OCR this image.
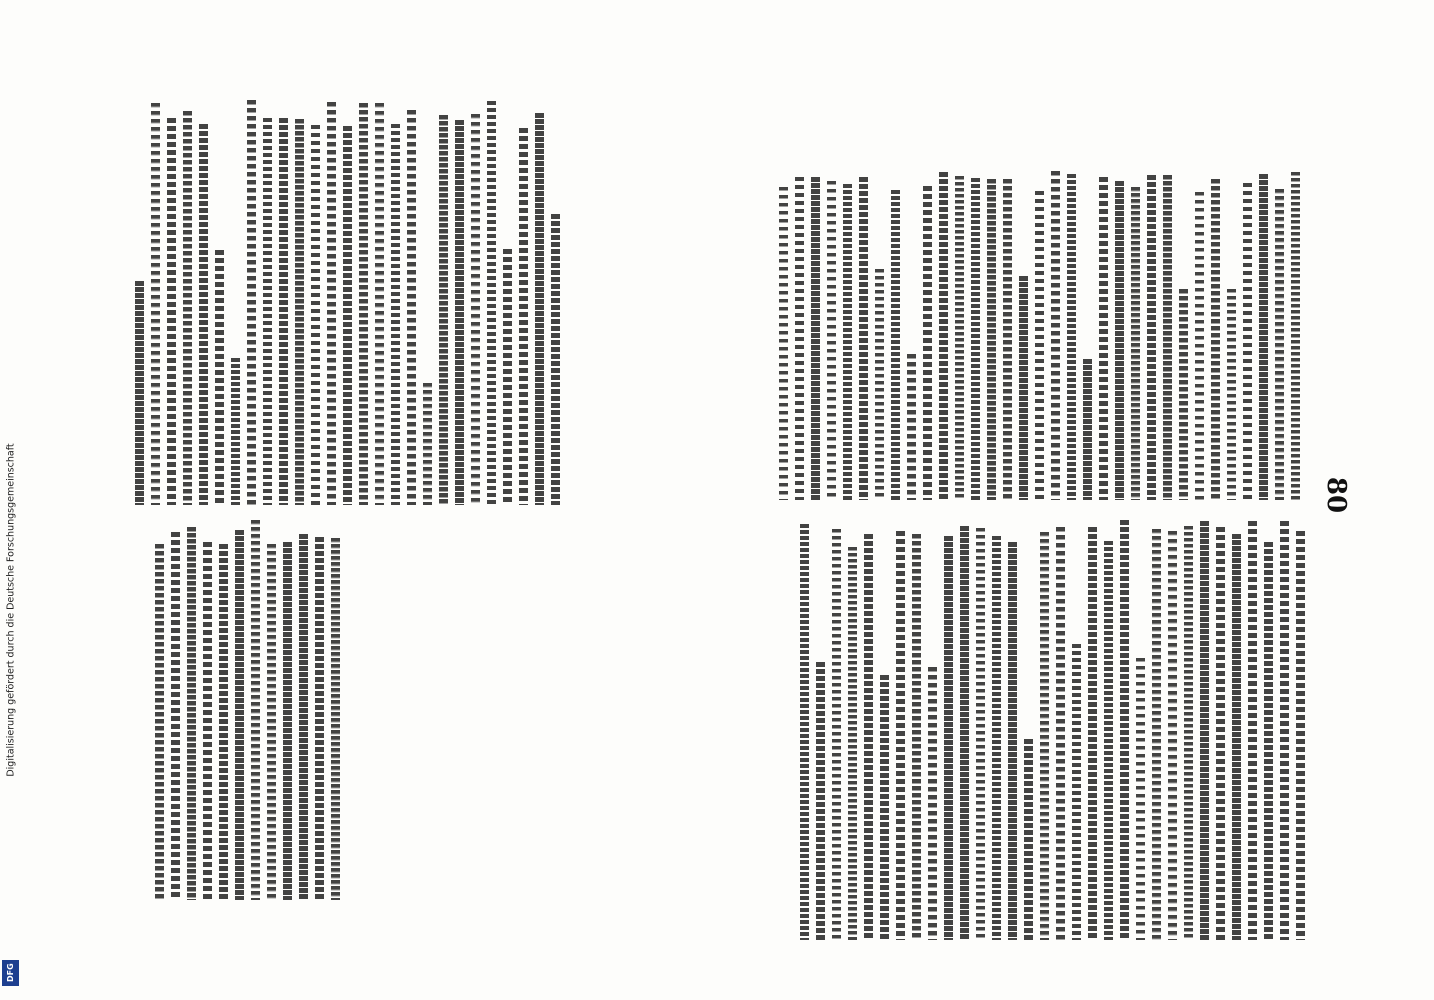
80
Digitalisierung gefördert durch die Deutsche Forschungsgemeinschaft
DFG
